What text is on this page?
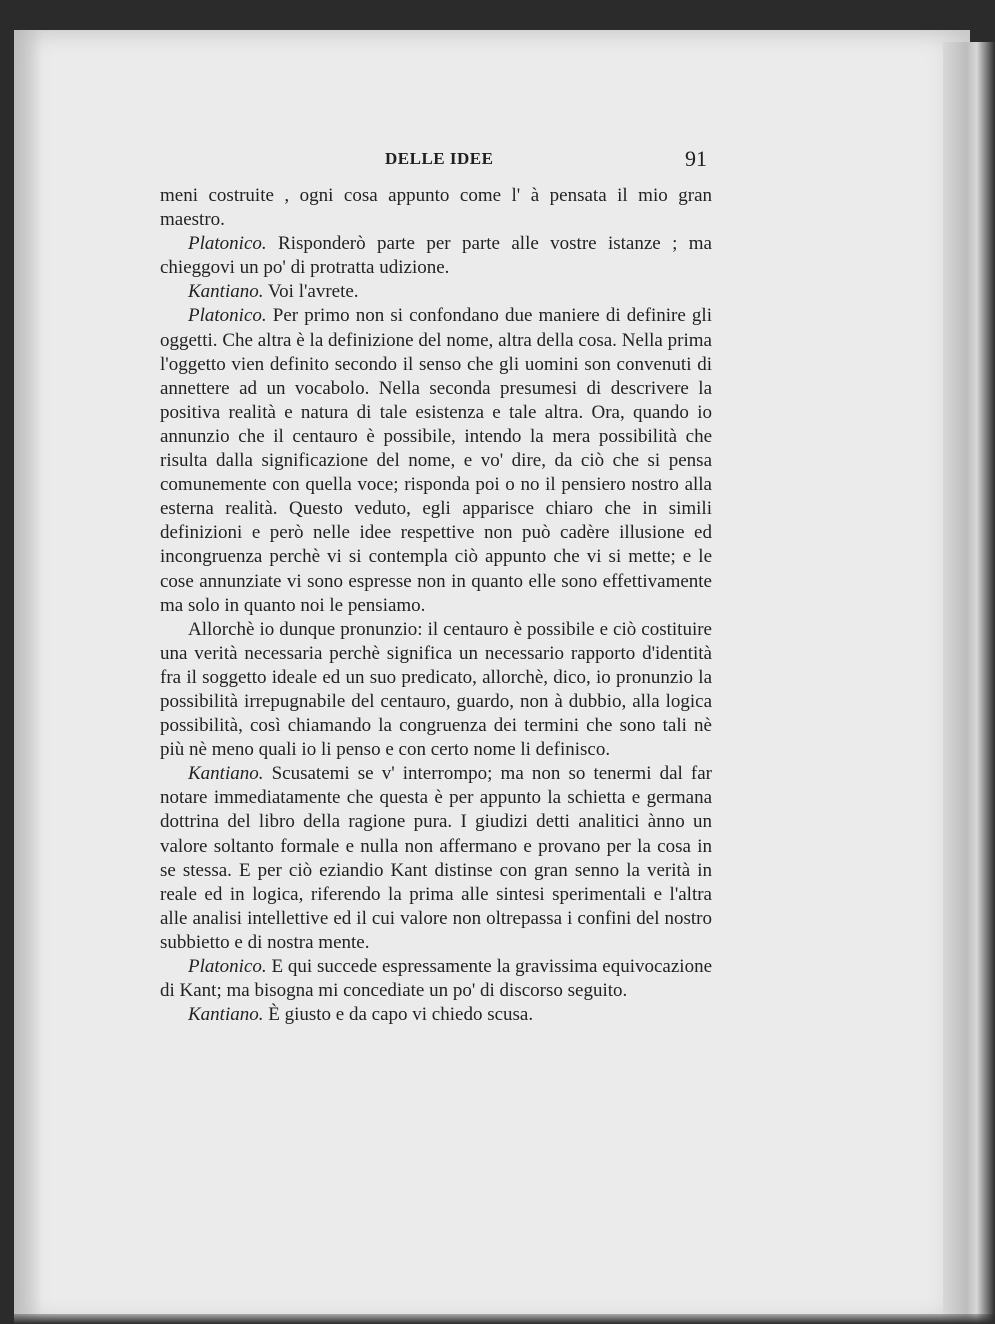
DELLE IDEE	91

meni costruite , ogni cosa appunto come l' à pensata il mio gran maestro.

Platonico. Risponderò parte per parte alle vostre istanze ; ma chieggovi un po' di protratta udizione.

Kantiano. Voi l'avrete.

Platonico. Per primo non si confondano due maniere di definire gli oggetti. Che altra è la definizione del nome, altra della cosa. Nella prima l'oggetto vien definito secondo il senso che gli uomini son convenuti di annettere ad un vocabolo. Nella seconda presumesi di descrivere la positiva realità e natura di tale esistenza e tale altra. Ora, quando io annunzio che il centauro è possibile, intendo la mera possibilità che risulta dalla significazione del nome, e vo' dire, da ciò che si pensa comunemente con quella voce; risponda poi o no il pensiero nostro alla esterna realità. Questo veduto, egli apparisce chiaro che in simili definizioni e però nelle idee respettive non può cadère illusione ed incongruenza perchè vi si contempla ciò appunto che vi si mette; e le cose annunziate vi sono espresse non in quanto elle sono effettivamente ma solo in quanto noi le pensiamo.

Allorchè io dunque pronunzio: il centauro è possibile e ciò costituire una verità necessaria perchè significa un necessario rapporto d'identità fra il soggetto ideale ed un suo predicato, allorchè, dico, io pronunzio la possibilità irrepugnabile del centauro, guardo, non à dubbio, alla logica possibilità, così chiamando la congruenza dei termini che sono tali nè più nè meno quali io li penso e con certo nome li definisco.

Kantiano. Scusatemi se v' interrompo; ma non so tenermi dal far notare immediatamente che questa è per appunto la schietta e germana dottrina del libro della ragione pura. I giudizi detti analitici ànno un valore soltanto formale e nulla non affermano e provano per la cosa in se stessa. E per ciò eziandio Kant distinse con gran senno la verità in reale ed in logica, riferendo la prima alle sintesi sperimentali e l'altra alle analisi intellettive ed il cui valore non oltrepassa i confini del nostro subbietto e di nostra mente.

Platonico. E qui succede espressamente la gravissima equivocazione di Kant; ma bisogna mi concediate un po' di discorso seguito.

Kantiano. È giusto e da capo vi chiedo scusa.
